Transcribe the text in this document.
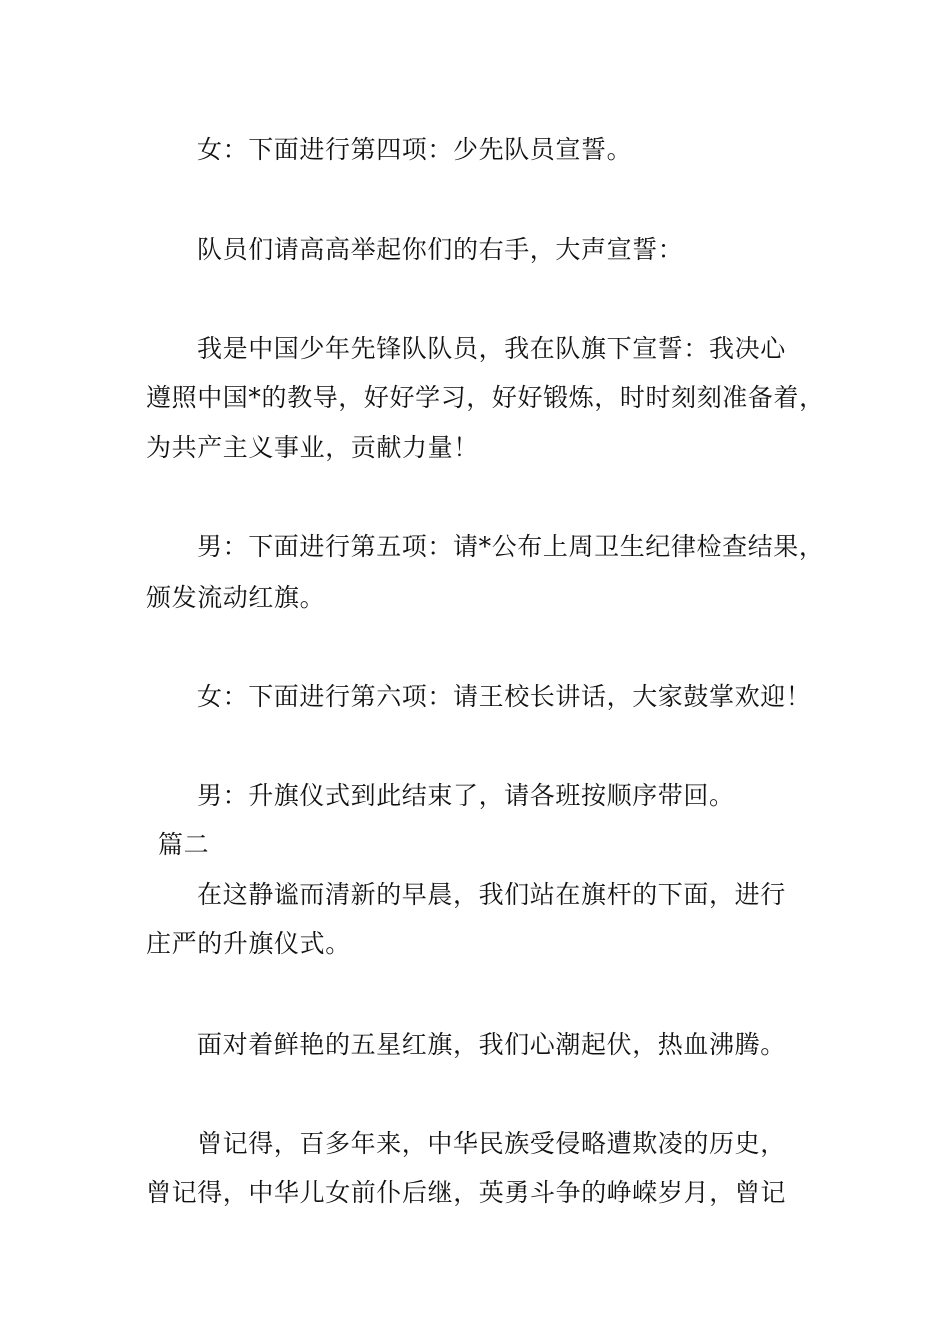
女：下面进行第四项：少先队员宣誓。
队员们请高高举起你们的右手，大声宣誓：
我是中国少年先锋队队员，我在队旗下宣誓：我决心
遵照中国*的教导，好好学习，好好锻炼，时时刻刻准备着，
为共产主义事业，贡献力量！
男：下面进行第五项：请*公布上周卫生纪律检查结果，
颁发流动红旗。
女：下面进行第六项：请王校长讲话，大家鼓掌欢迎！
男：升旗仪式到此结束了，请各班按顺序带回。
篇二
在这静谧而清新的早晨，我们站在旗杆的下面，进行
庄严的升旗仪式。
面对着鲜艳的五星红旗，我们心潮起伏，热血沸腾。
曾记得，百多年来，中华民族受侵略遭欺凌的历史，
曾记得，中华儿女前仆后继，英勇斗争的峥嵘岁月，曾记
